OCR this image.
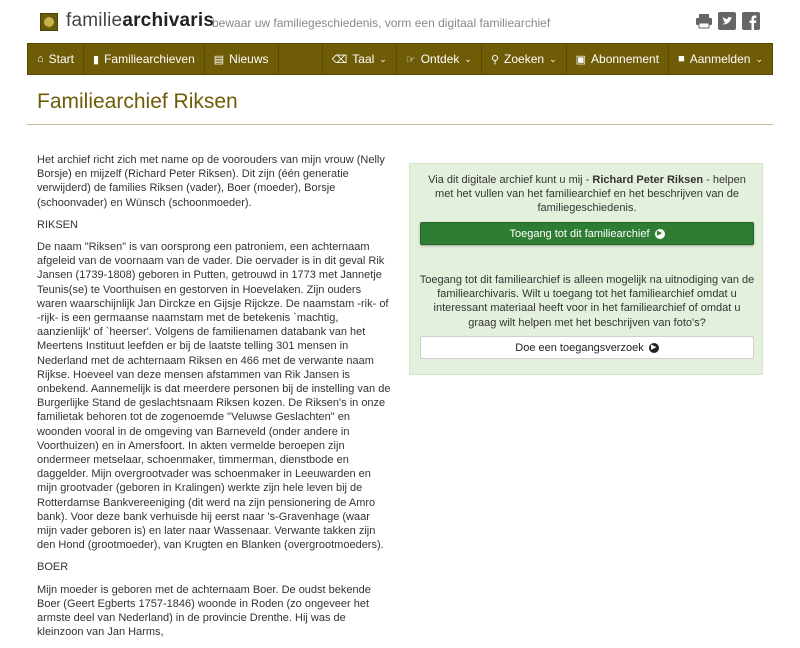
familiearchivaris
bewaar uw familiegeschiedenis, vorm een digitaal familiearchief
⌂ Start ▮ Familiearchieven ▤ Nieuws	⌫ Taal ⌄ ☞ Ontdek ⌄ ⚲ Zoeken ⌄ ▣ Abonnement ■ Aanmelden ⌄
Familiearchief Riksen

Het archief richt zich met name op de voorouders van mijn vrouw (Nelly Borsje) en mijzelf (Richard Peter Riksen). Dit zijn (één generatie verwijderd) de families Riksen (vader), Boer (moeder), Borsje (schoonvader) en Wünsch (schoonmoeder).

RIKSEN

De naam "Riksen" is van oorsprong een patroniem, een achternaam afgeleid van de voornaam van de vader. Die oervader is in dit geval Rik Jansen (1739-1808) geboren in Putten, getrouwd in 1773 met Jannetje Teunis(se) te Voorthuisen en gestorven in Hoevelaken. Zijn ouders waren waarschijnlijk Jan Dirckze en Gijsje Rijckze. De naamstam -rik- of -rijk- is een germaanse naamstam met de betekenis `machtig, aanzienlijk' of `heerser'. Volgens de familienamen databank van het Meertens Instituut leefden er bij de laatste telling 301 mensen in Nederland met de achternaam Riksen en 466 met de verwante naam Rijkse. Hoeveel van deze mensen afstammen van Rik Jansen is onbekend. Aannemelijk is dat meerdere personen bij de instelling van de Burgerlijke Stand de geslachtsnaam Riksen kozen. De Riksen's in onze familietak behoren tot de zogenoemde "Veluwse Geslachten" en woonden vooral in de omgeving van Barneveld (onder andere in Voorthuizen) en in Amersfoort. In akten vermelde beroepen zijn ondermeer metselaar, schoenmaker, timmerman, dienstbode en daggelder. Mijn overgrootvader was schoenmaker in Leeuwarden en mijn grootvader (geboren in Kralingen) werkte zijn hele leven bij de Rotterdamse Bankvereeniging (dit werd na zijn pensionering de Amro bank). Voor deze bank verhuisde hij eerst naar 's-Gravenhage (waar mijn vader geboren is) en later naar Wassenaar. Verwante takken zijn den Hond (grootmoeder), van Krugten en Blanken (overgrootmoeders).

BOER

Mijn moeder is geboren met de achternaam Boer. De oudst bekende Boer (Geert Egberts 1757-1846) woonde in Roden (zo ongeveer het armste deel van Nederland) in de provincie Drenthe. Hij was de kleinzoon van Jan Harms,

Via dit digitale archief kunt u mij - Richard Peter Riksen - helpen met het vullen van het familiearchief en het beschrijven van de familiegeschiedenis.
Toegang tot dit familiearchief	▶
Toegang tot dit familiearchief is alleen mogelijk na uitnodiging van de familiearchivaris. Wilt u toegang tot het familiearchief omdat u interessant materiaal heeft voor in het familiearchief of omdat u graag wilt helpen met het beschrijven van foto's?
Doe een toegangsverzoek	▶
